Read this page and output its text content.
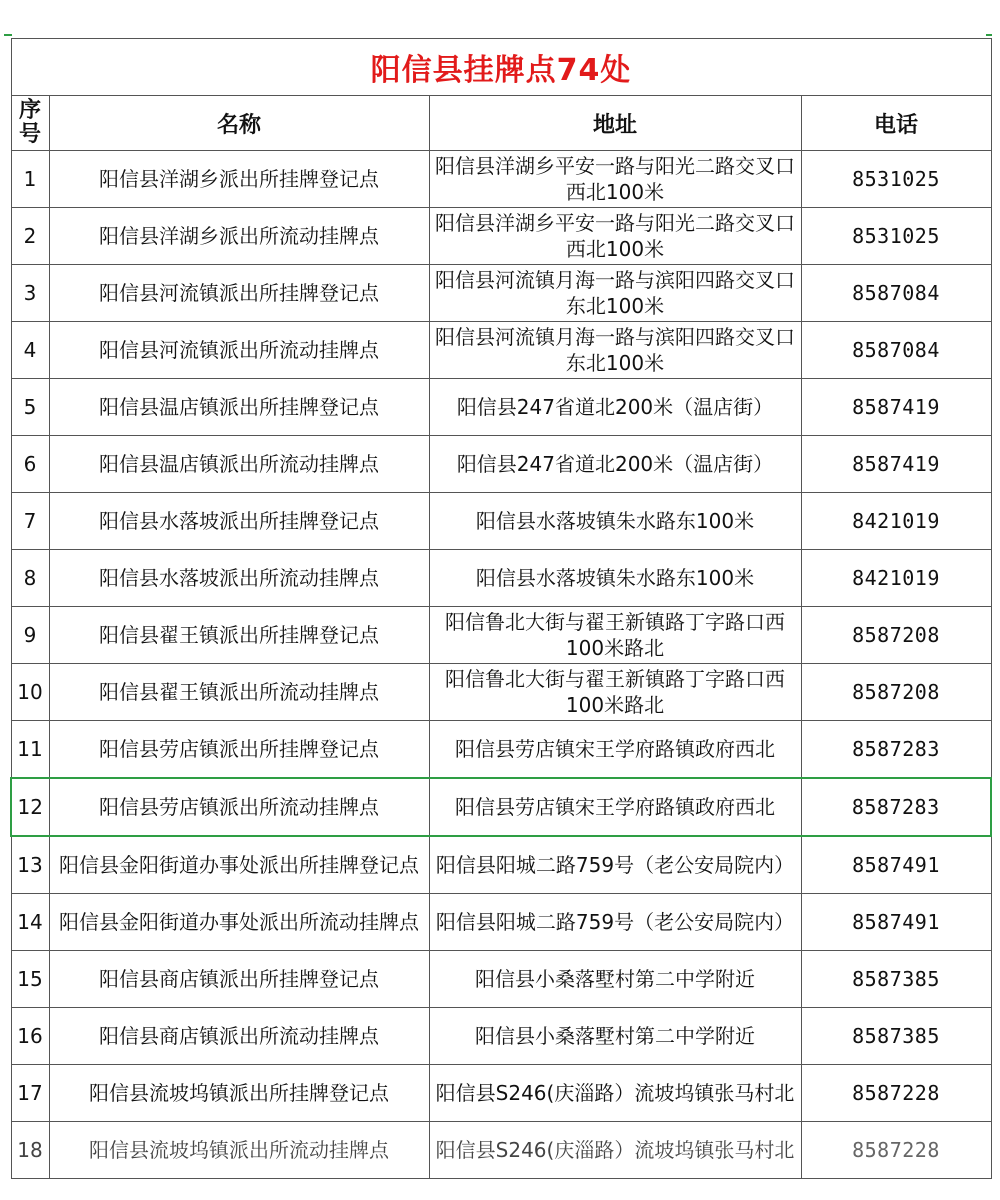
阳信县挂牌点74处			
序号	名称	地址	电话
1	阳信县洋湖乡派出所挂牌登记点	阳信县洋湖乡平安一路与阳光二路交叉口西北100米	8531025
2	阳信县洋湖乡派出所流动挂牌点	阳信县洋湖乡平安一路与阳光二路交叉口西北100米	8531025
3	阳信县河流镇派出所挂牌登记点	阳信县河流镇月海一路与滨阳四路交叉口东北100米	8587084
4	阳信县河流镇派出所流动挂牌点	阳信县河流镇月海一路与滨阳四路交叉口东北100米	8587084
5	阳信县温店镇派出所挂牌登记点	阳信县247省道北200米（温店街）	8587419
6	阳信县温店镇派出所流动挂牌点	阳信县247省道北200米（温店街）	8587419
7	阳信县水落坡派出所挂牌登记点	阳信县水落坡镇朱水路东100米	8421019
8	阳信县水落坡派出所流动挂牌点	阳信县水落坡镇朱水路东100米	8421019
9	阳信县翟王镇派出所挂牌登记点	阳信鲁北大街与翟王新镇路丁字路口西100米路北	8587208
10	阳信县翟王镇派出所流动挂牌点	阳信鲁北大街与翟王新镇路丁字路口西100米路北	8587208
11	阳信县劳店镇派出所挂牌登记点	阳信县劳店镇宋王学府路镇政府西北	8587283
12	阳信县劳店镇派出所流动挂牌点	阳信县劳店镇宋王学府路镇政府西北	8587283
13	阳信县金阳街道办事处派出所挂牌登记点	阳信县阳城二路759号（老公安局院内）	8587491
14	阳信县金阳街道办事处派出所流动挂牌点	阳信县阳城二路759号（老公安局院内）	8587491
15	阳信县商店镇派出所挂牌登记点	阳信县小桑落墅村第二中学附近	8587385
16	阳信县商店镇派出所流动挂牌点	阳信县小桑落墅村第二中学附近	8587385
17	阳信县流坡坞镇派出所挂牌登记点	阳信县S246(庆淄路）流坡坞镇张马村北	8587228
18	阳信县流坡坞镇派出所流动挂牌点	阳信县S246(庆淄路）流坡坞镇张马村北	8587228
